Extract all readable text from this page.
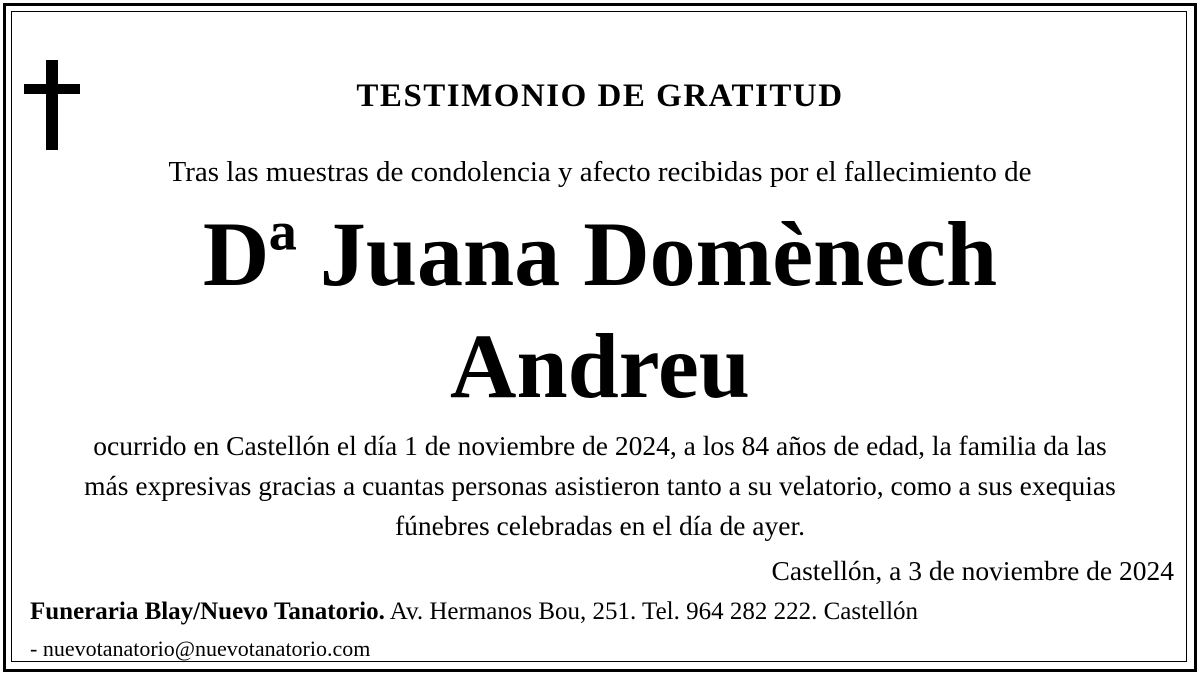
TESTIMONIO DE GRATITUD
Tras las muestras de condolencia y afecto recibidas por el fallecimiento de
Dª Juana Domènech
Andreu
ocurrido en Castellón el día 1 de noviembre de 2024, a los 84 años de edad, la familia da las
más expresivas gracias a cuantas personas asistieron tanto a su velatorio, como a sus exequias
fúnebres celebradas en el día de ayer.
Castellón, a 3 de noviembre de 2024
Funeraria Blay/Nuevo Tanatorio. Av. Hermanos Bou, 251. Tel. 964 282 222. Castellón
- nuevotanatorio@nuevotanatorio.com
